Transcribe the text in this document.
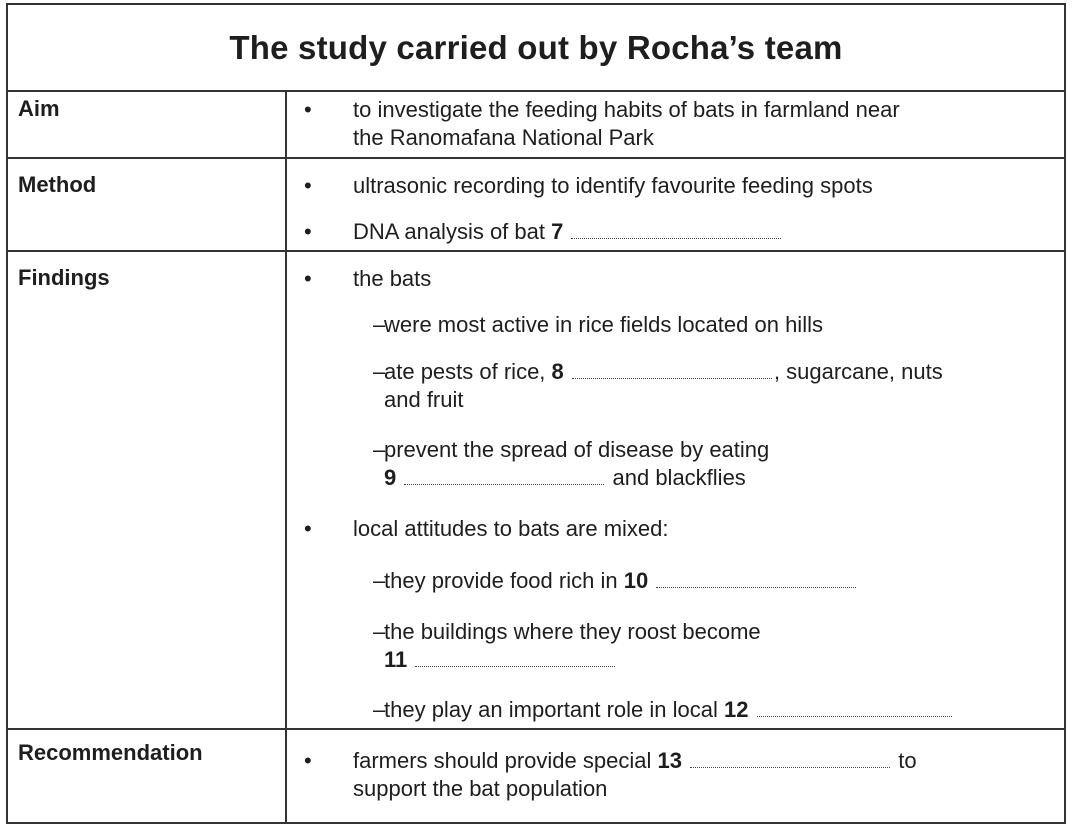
The study carried out by Rocha’s team
Aim	• to investigate the feeding habits of bats in farmland near
the Ranomafana National Park
Method	• ultrasonic recording to identify favourite feeding spots
• DNA analysis of bat 7
Findings	• the bats
–
were most active in rice fields located on hills
–
ate pests of rice, 8	, sugarcane, nuts
and fruit
–
prevent the spread of disease by eating
9	and blackflies
• local attitudes to bats are mixed:
–
they provide food rich in 10
–
the buildings where they roost become
11
–
they play an important role in local 12
Recommendation	• farmers should provide special 13	to
support the bat population
